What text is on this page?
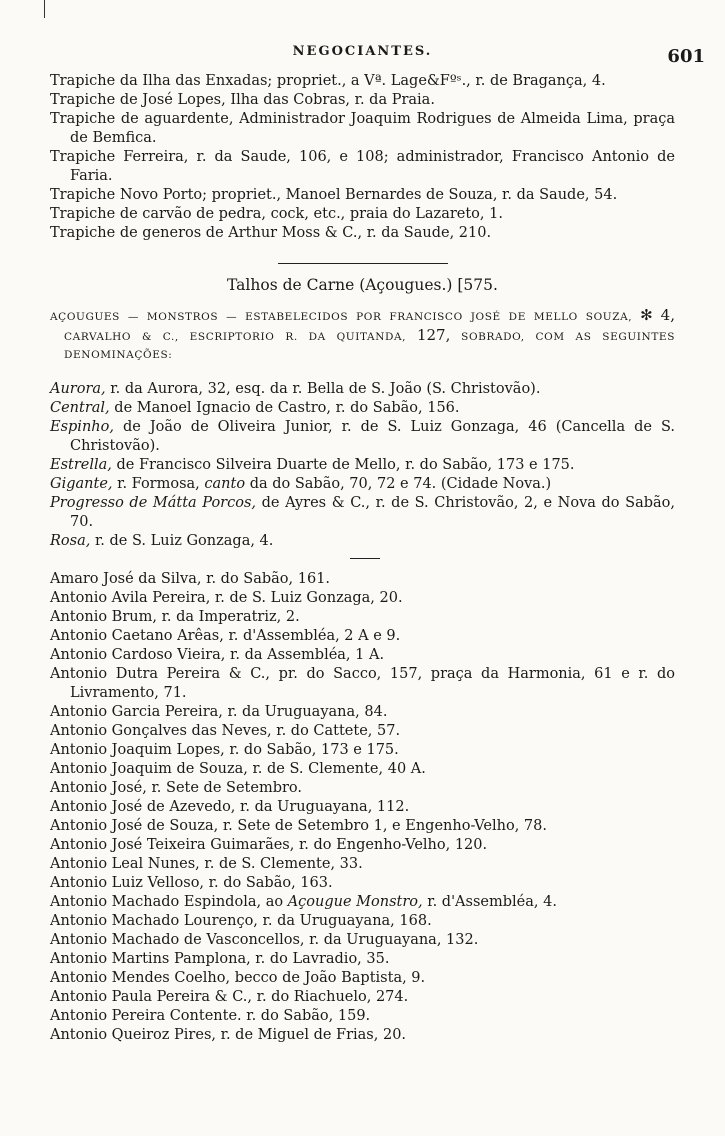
NEGOCIANTES.	601

Trapiche da Ilha das Enxadas; propriet., a Vª. Lage&Fºˢ., r. de Bragança, 4.

Trapiche de José Lopes, Ilha das Cobras, r. da Praia.

Trapiche de aguardente, Administrador Joaquim Rodrigues de Almeida Lima, praça de Bemfica.

Trapiche Ferreira, r. da Saude, 106, e 108; administrador, Francisco Antonio de Faria.

Trapiche Novo Porto; propriet., Manoel Bernardes de Souza, r. da Saude, 54.

Trapiche de carvão de pedra, cock, etc., praia do Lazareto, 1.

Trapiche de generos de Arthur Moss & C., r. da Saude, 210.

Talhos de Carne (Açougues.) [575.

AÇOUGUES — MONSTROS — ESTABELECIDOS POR FRANCISCO JOSÉ DE MELLO SOUZA, ✻ 4, CARVALHO & C., ESCRIPTORIO R. DA QUITANDA, 127, SOBRADO, COM AS SEGUINTES DENOMINAÇÕES:

Aurora, r. da Aurora, 32, esq. da r. Bella de S. João (S. Christovão).

Central, de Manoel Ignacio de Castro, r. do Sabão, 156.

Espinho, de João de Oliveira Junior, r. de S. Luiz Gonzaga, 46 (Cancella de S. Christovão).

Estrella, de Francisco Silveira Duarte de Mello, r. do Sabão, 173 e 175.

Gigante, r. Formosa, canto da do Sabão, 70, 72 e 74. (Cidade Nova.)

Progresso de Mátta Porcos, de Ayres & C., r. de S. Christovão, 2, e Nova do Sabão, 70.

Rosa, r. de S. Luiz Gonzaga, 4.

Amaro José da Silva, r. do Sabão, 161.

Antonio Avila Pereira, r. de S. Luiz Gonzaga, 20.

Antonio Brum, r. da Imperatriz, 2.

Antonio Caetano Arêas, r. d'Assembléa, 2 A e 9.

Antonio Cardoso Vieira, r. da Assembléa, 1 A.

Antonio Dutra Pereira & C., pr. do Sacco, 157, praça da Harmonia, 61 e r. do Livramento, 71.

Antonio Garcia Pereira, r. da Uruguayana, 84.

Antonio Gonçalves das Neves, r. do Cattete, 57.

Antonio Joaquim Lopes, r. do Sabão, 173 e 175.

Antonio Joaquim de Souza, r. de S. Clemente, 40 A.

Antonio José, r. Sete de Setembro.

Antonio José de Azevedo, r. da Uruguayana, 112.

Antonio José de Souza, r. Sete de Setembro 1, e Engenho-Velho, 78.

Antonio José Teixeira Guimarães, r. do Engenho-Velho, 120.

Antonio Leal Nunes, r. de S. Clemente, 33.

Antonio Luiz Velloso, r. do Sabão, 163.

Antonio Machado Espindola, ao Açougue Monstro, r. d'Assembléa, 4.

Antonio Machado Lourenço, r. da Uruguayana, 168.

Antonio Machado de Vasconcellos, r. da Uruguayana, 132.

Antonio Martins Pamplona, r. do Lavradio, 35.

Antonio Mendes Coelho, becco de João Baptista, 9.

Antonio Paula Pereira & C., r. do Riachuelo, 274.

Antonio Pereira Contente. r. do Sabão, 159.

Antonio Queiroz Pires, r. de Miguel de Frias, 20.
